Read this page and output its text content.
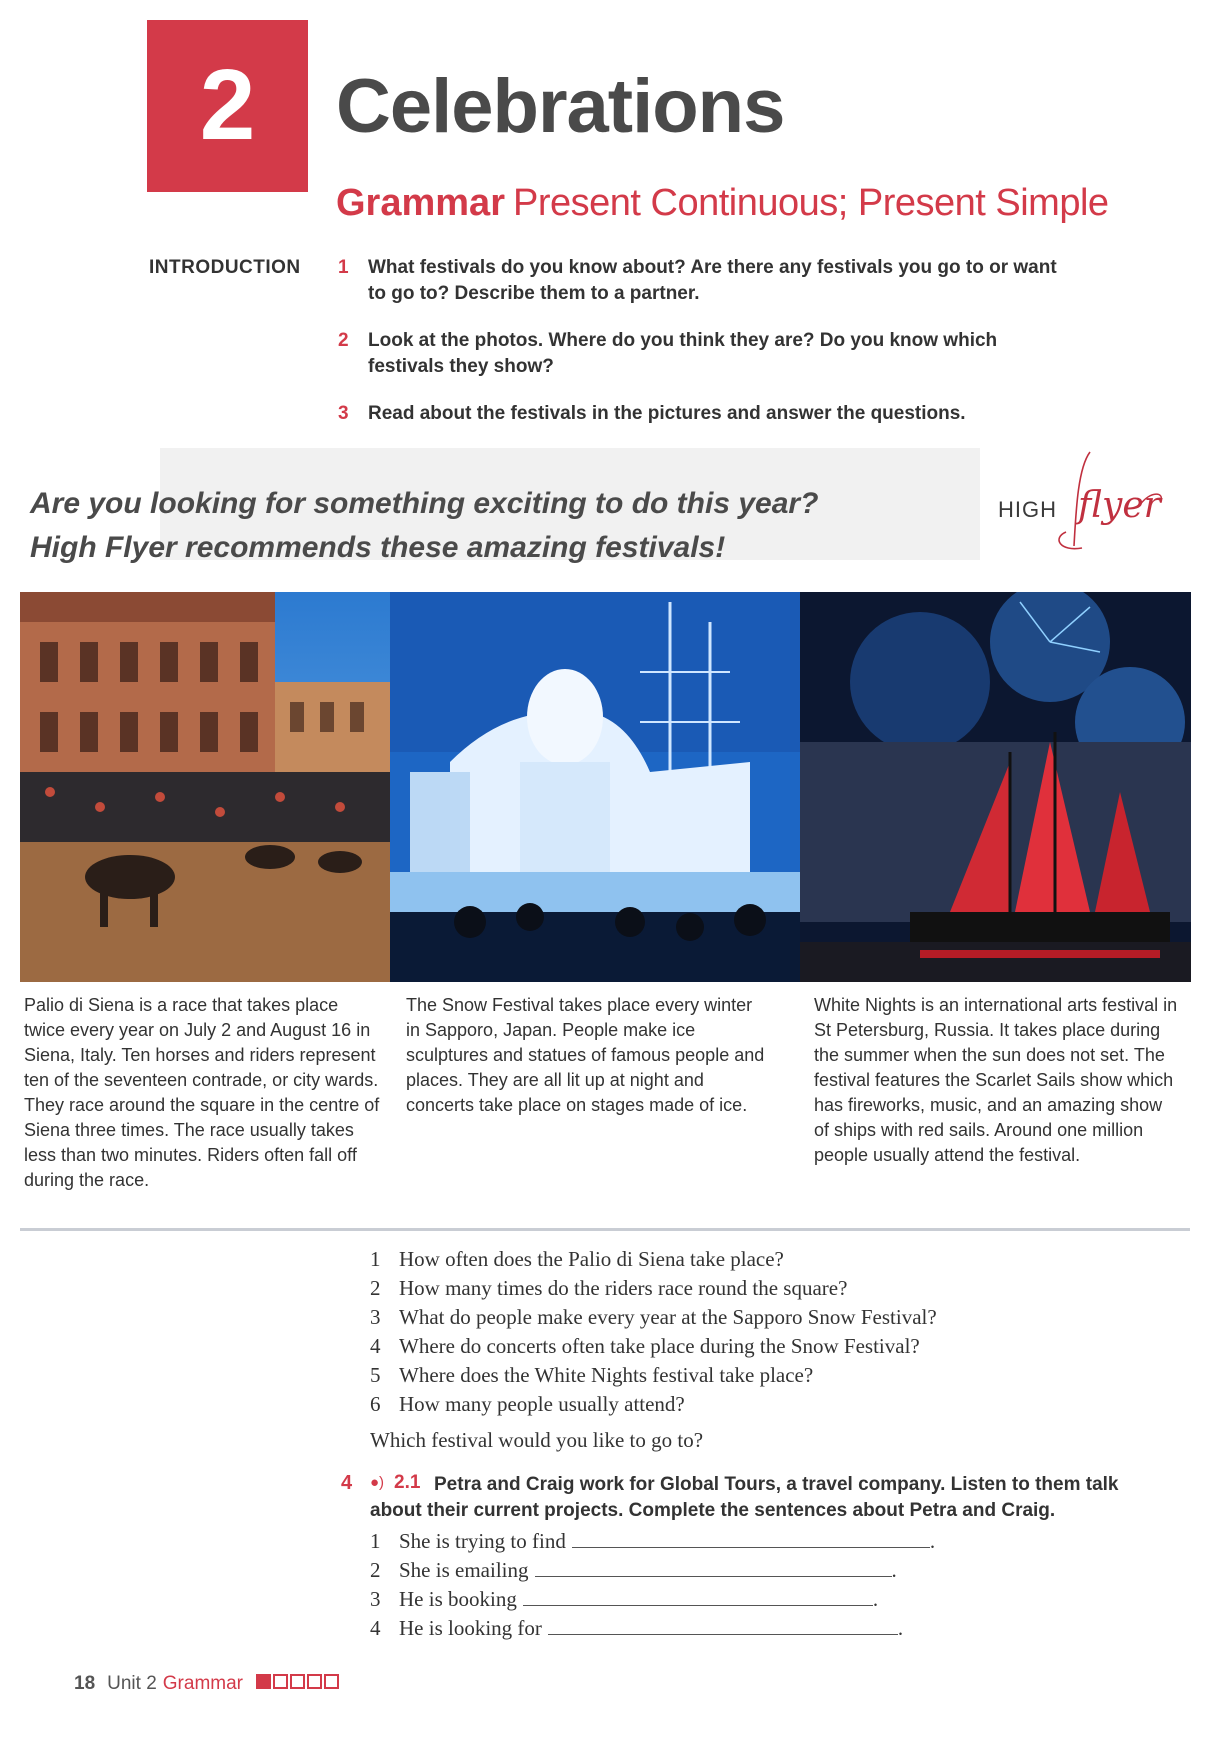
2	Celebrations
Grammar Present Continuous; Present Simple
INTRODUCTION 1 What festivals do you know about? Are there any festivals you go to or want to go to? Describe them to a partner.
2 Look at the photos. Where do you think they are? Do you know which festivals they show?
3 Read about the festivals in the pictures and answer the questions.
Are you looking for something exciting to do this year?
High Flyer recommends these amazing festivals!
HIGH flyer
Palio di Siena is a race that takes place twice every year on July 2 and August 16 in Siena, Italy. Ten horses and riders represent ten of the seventeen contrade, or city wards. They race around the square in the centre of Siena three times. The race usually takes less than two minutes. Riders often fall off during the race.
The Snow Festival takes place every winter in Sapporo, Japan. People make ice sculptures and statues of famous people and places. They are all lit up at night and concerts take place on stages made of ice.
White Nights is an international arts festival in St Petersburg, Russia. It takes place during the summer when the sun does not set. The festival features the Scarlet Sails show which has fireworks, music, and an amazing show of ships with red sails. Around one million people usually attend the festival.
1 How often does the Palio di Siena take place?
2 How many times do the riders race round the square?
3 What do people make every year at the Sapporo Snow Festival?
4 Where do concerts often take place during the Snow Festival?
5 Where does the White Nights festival take place?
6 How many people usually attend?
Which festival would you like to go to?
4	Petra and Craig work for Global Tours, a travel company. Listen to them talk about their current projects. Complete the sentences about Petra and Craig.
●) 2.1
1 She is trying to find	.
2 She is emailing	.
3 He is booking	.
4 He is looking for	.
18 Unit 2 Grammar
